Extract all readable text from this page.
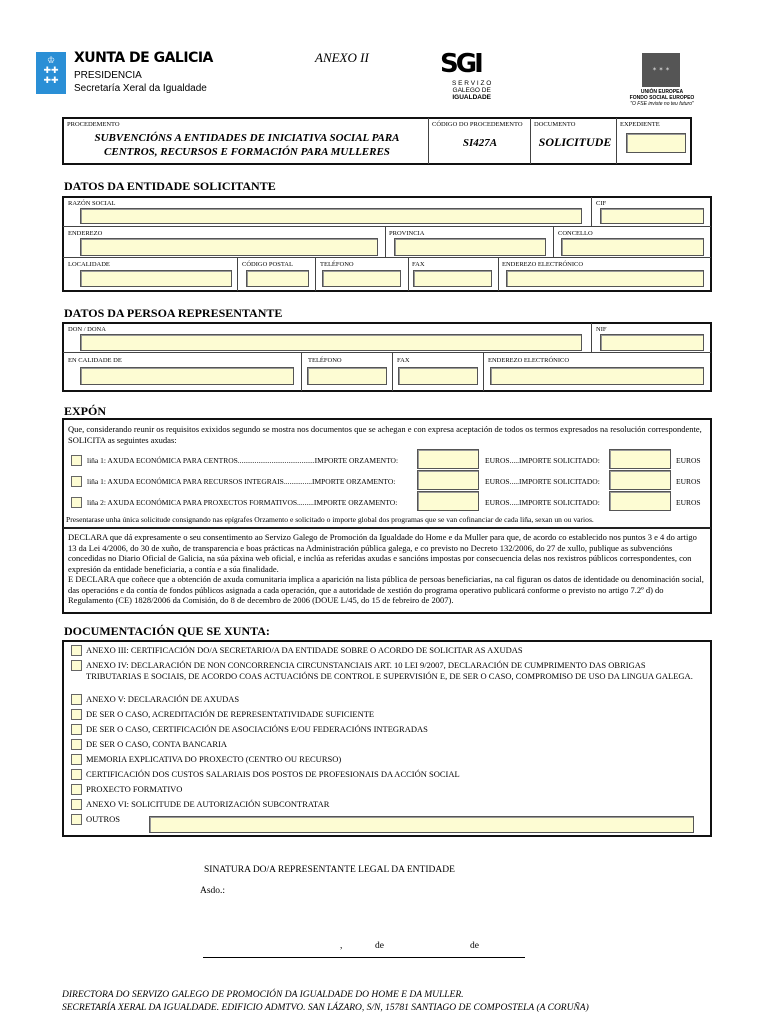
♔
✚✚
✚✚
XUNTA DE GALICIA
PRESIDENCIA
Secretaría Xeral da Igualdade
ANEXO II	SGI
S E R V I Z O
GALEGO DE
IGUALDADE
✶ ✶ ✶
UNIÓN EUROPEA
FONDO SOCIAL EUROPEO
"O FSE inviste no teu futuro"
PROCEDEMENTO
SUBVENCIÓNS A ENTIDADES DE INICIATIVA SOCIAL PARA
CENTROS, RECURSOS E FORMACIÓN PARA MULLERES
CÓDIGO DO PROCEDEMENTO
SI427A
DOCUMENTO
SOLICITUDE
EXPEDIENTE
DATOS DA ENTIDADE SOLICITANTE
RAZÓN SOCIAL	CIF
ENDEREZO	PROVINCIA	CONCELLO
LOCALIDADE	CÓDIGO POSTAL	TELÉFONO	FAX	ENDEREZO ELECTRÓNICO
DATOS DA PERSOA REPRESENTANTE
DON / DONA	NIF
EN CALIDADE DE	TELÉFONO	FAX	ENDEREZO ELECTRÓNICO
EXPÓN
Que, considerando reunir os requisitos exixidos segundo se mostra nos documentos que se achegan e con expresa aceptación de todos os termos expresados na resolución correspondente, SOLICITA as seguintes axudas:
liña 1: AXUDA ECONÓMICA PARA CENTROS.........................................IMPORTE ORZAMENTO:	EUROS.....IMPORTE SOLICITADO:	EUROS
liña 1: AXUDA ECONÓMICA PARA RECURSOS INTEGRAIS...............IMPORTE ORZAMENTO:	EUROS.....IMPORTE SOLICITADO:	EUROS
liña 2: AXUDA ECONÓMICA PARA PROXECTOS FORMATIVOS.........IMPORTE ORZAMENTO:	EUROS.....IMPORTE SOLICITADO:	EUROS
Presentarase unha única solicitude consignando nas epígrafes Orzamento e solicitado o importe global dos programas que se van cofinanciar de cada liña, sexan un ou varios.
DECLARA que dá expresamente o seu consentimento ao Servizo Galego de Promoción da Igualdade do Home e da Muller para que, de acordo co establecido nos puntos 3 e 4 do artigo 13 da Lei 4/2006, do 30 de xuño, de transparencia e boas prácticas na Administración pública galega, e co previsto no Decreto 132/2006, do 27 de xullo, publique as subvencións concedidas no Diario Oficial de Galicia, na súa páxina web oficial, e inclúa as referidas axudas e sancións impostas por consecuencia delas nos rexistros públicos correspondentes, con expresión da entidade beneficiaria, a contía e a súa finalidade.
E DECLARA que coñece que a obtención de axuda comunitaria implica a aparición na lista pública de persoas beneficiarias, na cal figuran os datos de identidade ou denominación social, das operacións e da contía de fondos públicos asignada a cada operación, que a autoridade de xestión do programa operativo publicará conforme o previsto no artigo 7.2º d) do Regulamento (CE) 1828/2006 da Comisión, do 8 de decembro de 2006 (DOUE L/45, do 15 de febreiro de 2007).
DOCUMENTACIÓN QUE SE XUNTA:
ANEXO III: CERTIFICACIÓN DO/A SECRETARIO/A DA ENTIDADE SOBRE O ACORDO DE SOLICITAR AS AXUDAS
ANEXO IV: DECLARACIÓN DE NON CONCORRENCIA CIRCUNSTANCIAIS ART. 10 LEI 9/2007, DECLARACIÓN DE CUMPRIMENTO DAS OBRIGAS TRIBUTARIAS E SOCIAIS, DE ACORDO COAS ACTUACIÓNS DE CONTROL E SUPERVISIÓN E, DE SER O CASO, COMPROMISO DE USO DA LINGUA GALEGA.
ANEXO V: DECLARACIÓN DE AXUDAS
DE SER O CASO, ACREDITACIÓN DE REPRESENTATIVIDADE SUFICIENTE
DE SER O CASO, CERTIFICACIÓN DE ASOCIACIÓNS E/OU FEDERACIÓNS INTEGRADAS
DE SER O CASO, CONTA BANCARIA
MEMORIA EXPLICATIVA DO PROXECTO (CENTRO OU RECURSO)
CERTIFICACIÓN DOS CUSTOS SALARIAIS DOS POSTOS DE PROFESIONAIS DA ACCIÓN SOCIAL
PROXECTO FORMATIVO
ANEXO VI: SOLICITUDE DE AUTORIZACIÓN SUBCONTRATAR
OUTROS
SINATURA DO/A REPRESENTANTE LEGAL DA ENTIDADE
Asdo.:
,	de	de
DIRECTORA DO SERVIZO GALEGO DE PROMOCIÓN DA IGUALDADE DO HOME E DA MULLER.
SECRETARÍA XERAL DA IGUALDADE. EDIFICIO ADMTVO. SAN LÁZARO, S/N, 15781 SANTIAGO DE COMPOSTELA (A CORUÑA)
